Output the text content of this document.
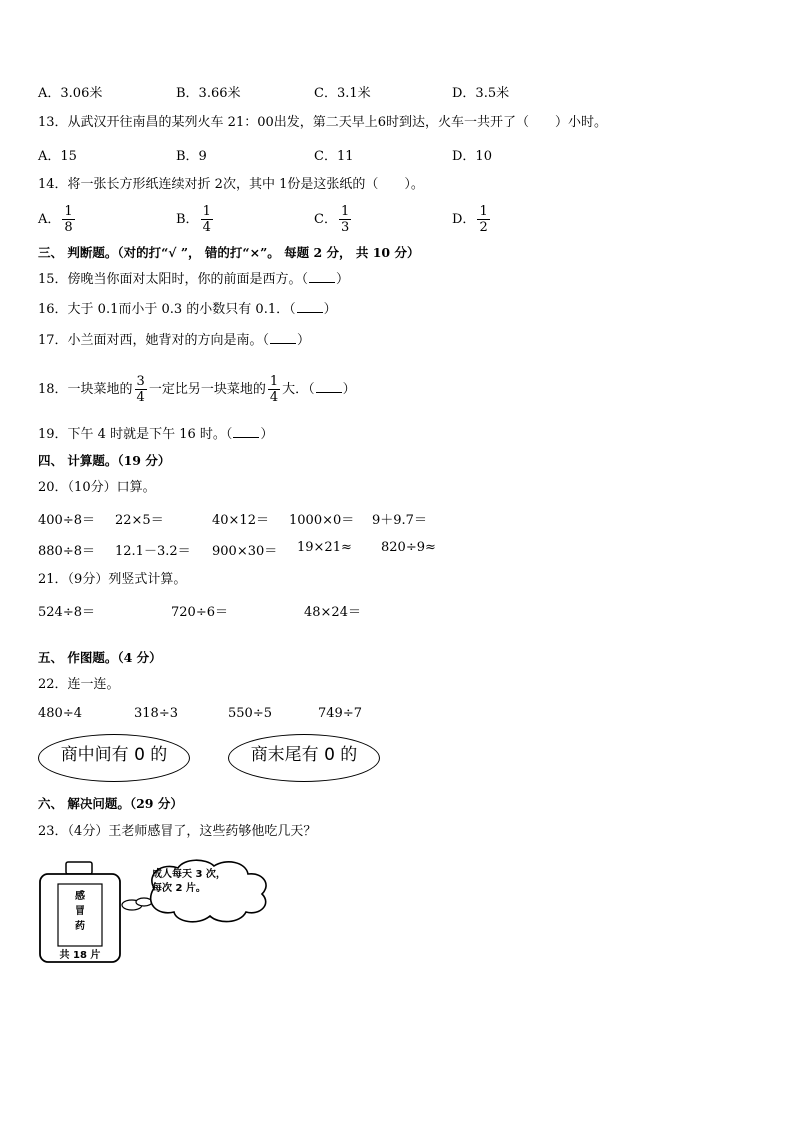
A．3.06米	B．3.66米	C．3.1米	D．3.5米
13．从武汉开往南昌的某列火车 21：00出发，第二天早上6时到达，火车一共开了（ ）小时。
A．15	B．9	C．11	D．10
14．将一张长方形纸连续对折 2次，其中 1份是这张纸的（ ）。
A． $\frac{1}{8}$	B． $\frac{1}{4}$	C． $\frac{1}{3}$	D． $\frac{1}{2}$
三、 判断题。（对的打“√ ”， 错的打“×”。 每题 2 分， 共 10 分）
15．傍晚当你面对太阳时，你的前面是西方。（ ）
16．大于 0.1而小于 0.3 的小数只有 0.1．（ ）
17．小兰面对西，她背对的方向是南。（ ）
18．一块菜地的 $\frac{3}{4}$ 一定比另一块菜地的 $\frac{1}{4}$ 大．（ ）
19．下午 4 时就是下午 16 时。（ ）
四、 计算题。（19 分）
20．（10分）口算。
400÷8＝ 22×5＝	40×12＝ 1000×0＝ 9＋9.7＝
880÷8＝ 12.1－3.2＝ 900×30＝ 19×21≈ 820÷9≈
21．（9分）列竖式计算。
524÷8＝	720÷6＝	48×24＝
五、 作图题。（4 分）
22．连一连。
480÷4	318÷3	550÷5	749÷7
商中间有 0 的	商末尾有 0 的
六、 解决问题。（29 分）
23．（4分）王老师感冒了，这些药够他吃几天？
成人每天 3 次，
每次 2 片。
感
冒
药
共 18 片
